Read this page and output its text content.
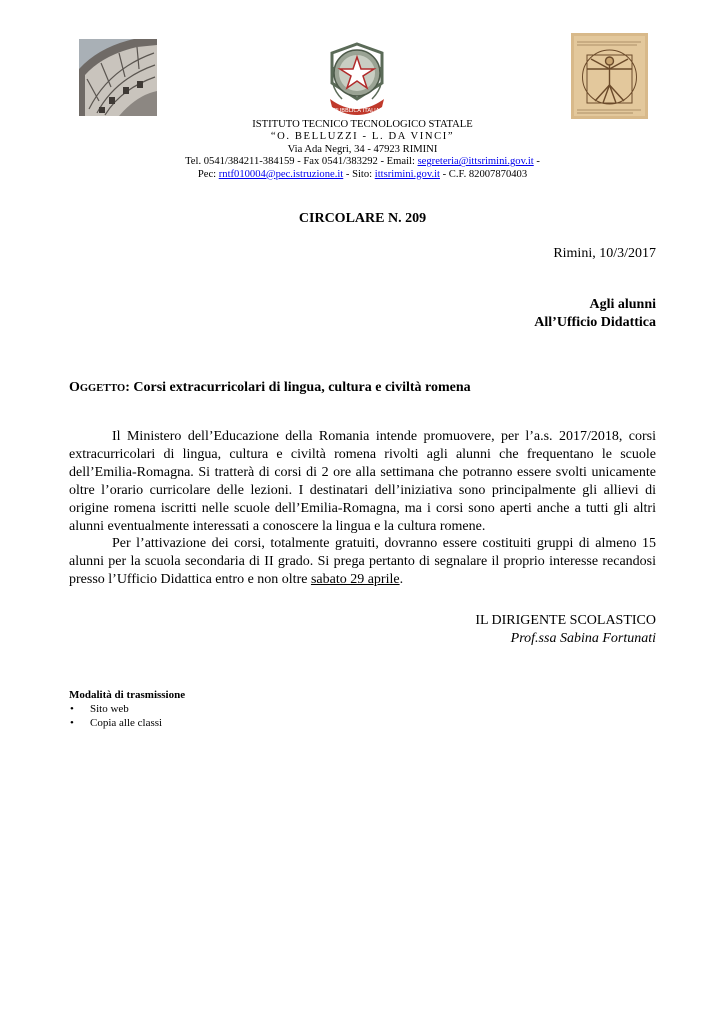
REPUBBLICA ITALIANA
ISTITUTO TECNICO TECNOLOGICO STATALE
“O. BELLUZZI - L. DA VINCI”
Via Ada Negri, 34 - 47923 RIMINI
Tel. 0541/384211-384159 - Fax 0541/383292 - Email: segreteria@ittsrimini.gov.it -
Pec: rntf010004@pec.istruzione.it - Sito: ittsrimini.gov.it - C.F. 82007870403
CIRCOLARE N. 209
Rimini, 10/3/2017
Agli alunni
All’Ufficio Didattica
OGGETTO: Corsi extracurricolari di lingua, cultura e civiltà romena

Il Ministero dell’Educazione della Romania intende promuovere, per l’a.s. 2017/2018, corsi extracurricolari di lingua, cultura e civiltà romena rivolti agli alunni che frequentano le scuole dell’Emilia-Romagna. Si tratterà di corsi di 2 ore alla settimana che potranno essere svolti unicamente oltre l’orario curricolare delle lezioni. I destinatari dell’iniziativa sono principalmente gli allievi di origine romena iscritti nelle scuole dell’Emilia-Romagna, ma i corsi sono aperti anche a tutti gli altri alunni eventualmente interessati a conoscere la lingua e la cultura romene.

Per l’attivazione dei corsi, totalmente gratuiti, dovranno essere costituiti gruppi di almeno 15 alunni per la scuola secondaria di II grado. Si prega pertanto di segnalare il proprio interesse recandosi presso l’Ufficio Didattica entro e non oltre sabato 29 aprile.

IL DIRIGENTE SCOLASTICO
Prof.ssa Sabina Fortunati
Modalità di trasmissione
• Sito web
• Copia alle classi
